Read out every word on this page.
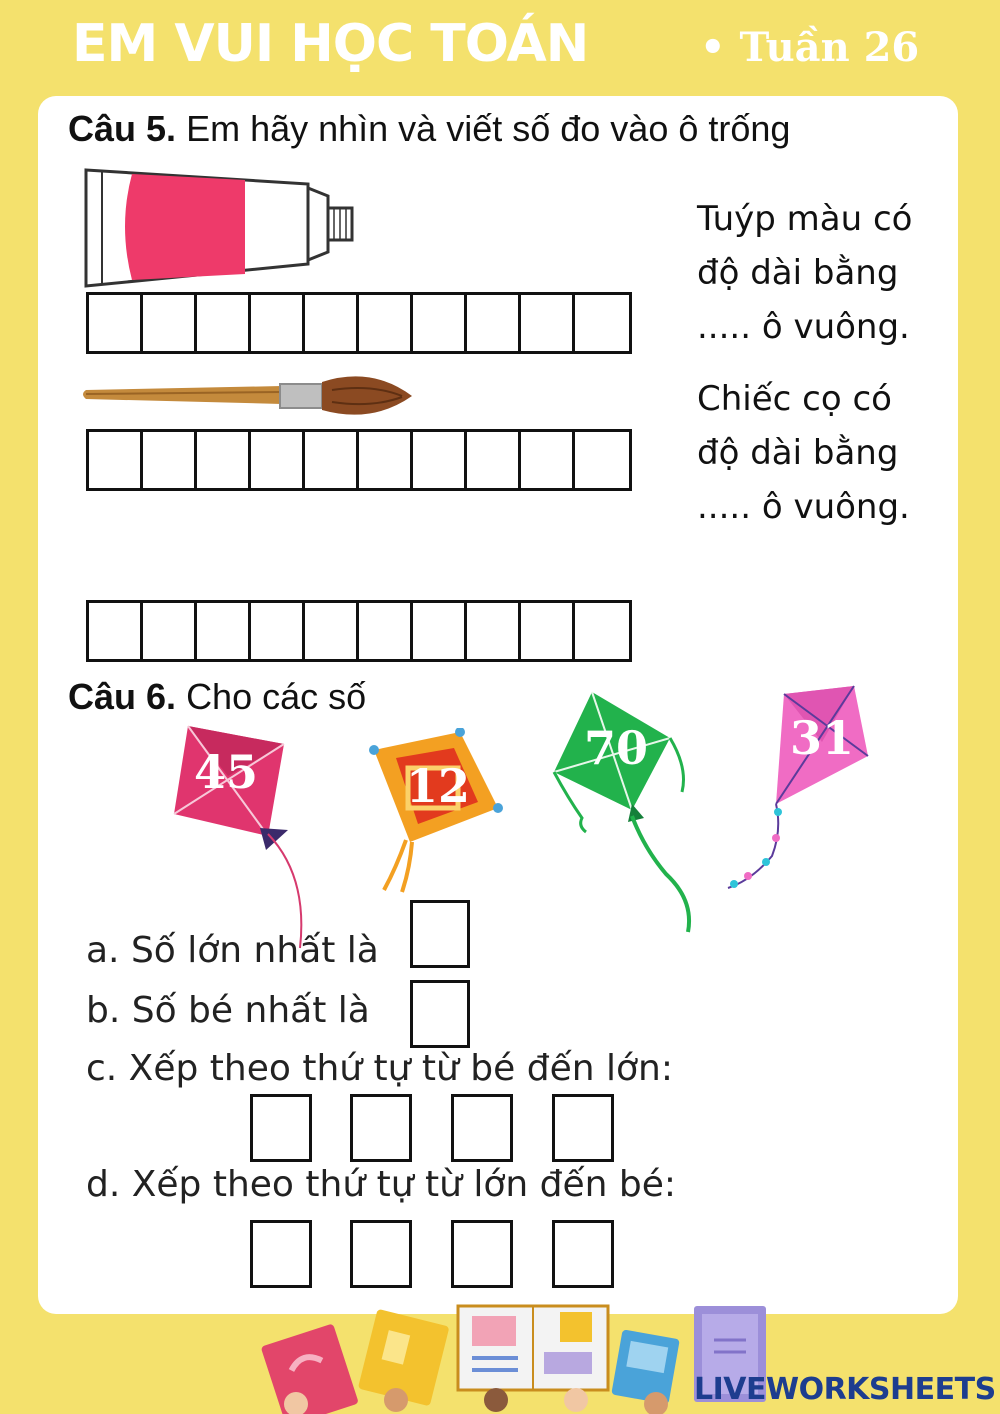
EM VUI HỌC TOÁN	• Tuần 26
Câu 5. Em hãy nhìn và viết số đo vào ô trống
Tuýp màu có
độ dài bằng
..... ô vuông.
Chiếc cọ có
độ dài bằng
..... ô vuông.
Câu 6. Cho các số
45	12
70	31
a. Số lớn nhất là
b. Số bé nhất là
c. Xếp theo thứ tự từ bé đến lớn:
d. Xếp theo thứ tự từ lớn đến bé:
LIVEWORKSHEETS
